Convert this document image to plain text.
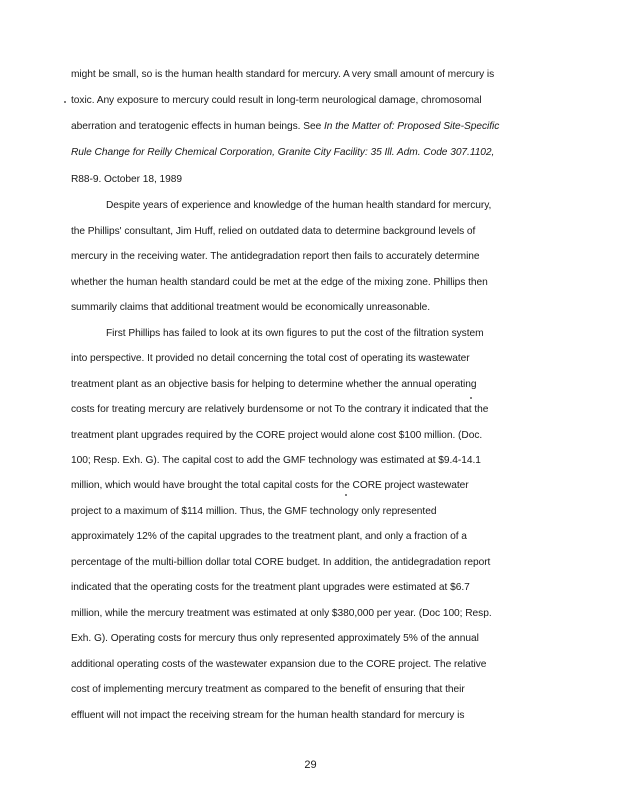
might be small, so is the human health standard for mercury. A very small amount of mercury is
toxic. Any exposure to mercury could result in long-term neurological damage, chromosomal
aberration and teratogenic effects in human beings. See In the Matter of: Proposed Site-Specific
Rule Change for Reilly Chemical Corporation, Granite City Facility: 35 Ill. Adm. Code 307.1102,
R88-9. October 18, 1989
Despite years of experience and knowledge of the human health standard for mercury,
the Phillips' consultant, Jim Huff, relied on outdated data to determine background levels of
mercury in the receiving water. The antidegradation report then fails to accurately determine
whether the human health standard could be met at the edge of the mixing zone. Phillips then
summarily claims that additional treatment would be economically unreasonable.
First Phillips has failed to look at its own figures to put the cost of the filtration system
into perspective. It provided no detail concerning the total cost of operating its wastewater
treatment plant as an objective basis for helping to determine whether the annual operating
costs for treating mercury are relatively burdensome or not To the contrary it indicated that the
treatment plant upgrades required by the CORE project would alone cost $100 million. (Doc.
100; Resp. Exh. G). The capital cost to add the GMF technology was estimated at $9.4-14.1
million, which would have brought the total capital costs for the CORE project wastewater
project to a maximum of $114 million. Thus, the GMF technology only represented
approximately 12% of the capital upgrades to the treatment plant, and only a fraction of a
percentage of the multi-billion dollar total CORE budget. In addition, the antidegradation report
indicated that the operating costs for the treatment plant upgrades were estimated at $6.7
million, while the mercury treatment was estimated at only $380,000 per year. (Doc 100; Resp.
Exh. G). Operating costs for mercury thus only represented approximately 5% of the annual
additional operating costs of the wastewater expansion due to the CORE project. The relative
cost of implementing mercury treatment as compared to the benefit of ensuring that their
effluent will not impact the receiving stream for the human health standard for mercury is
29
